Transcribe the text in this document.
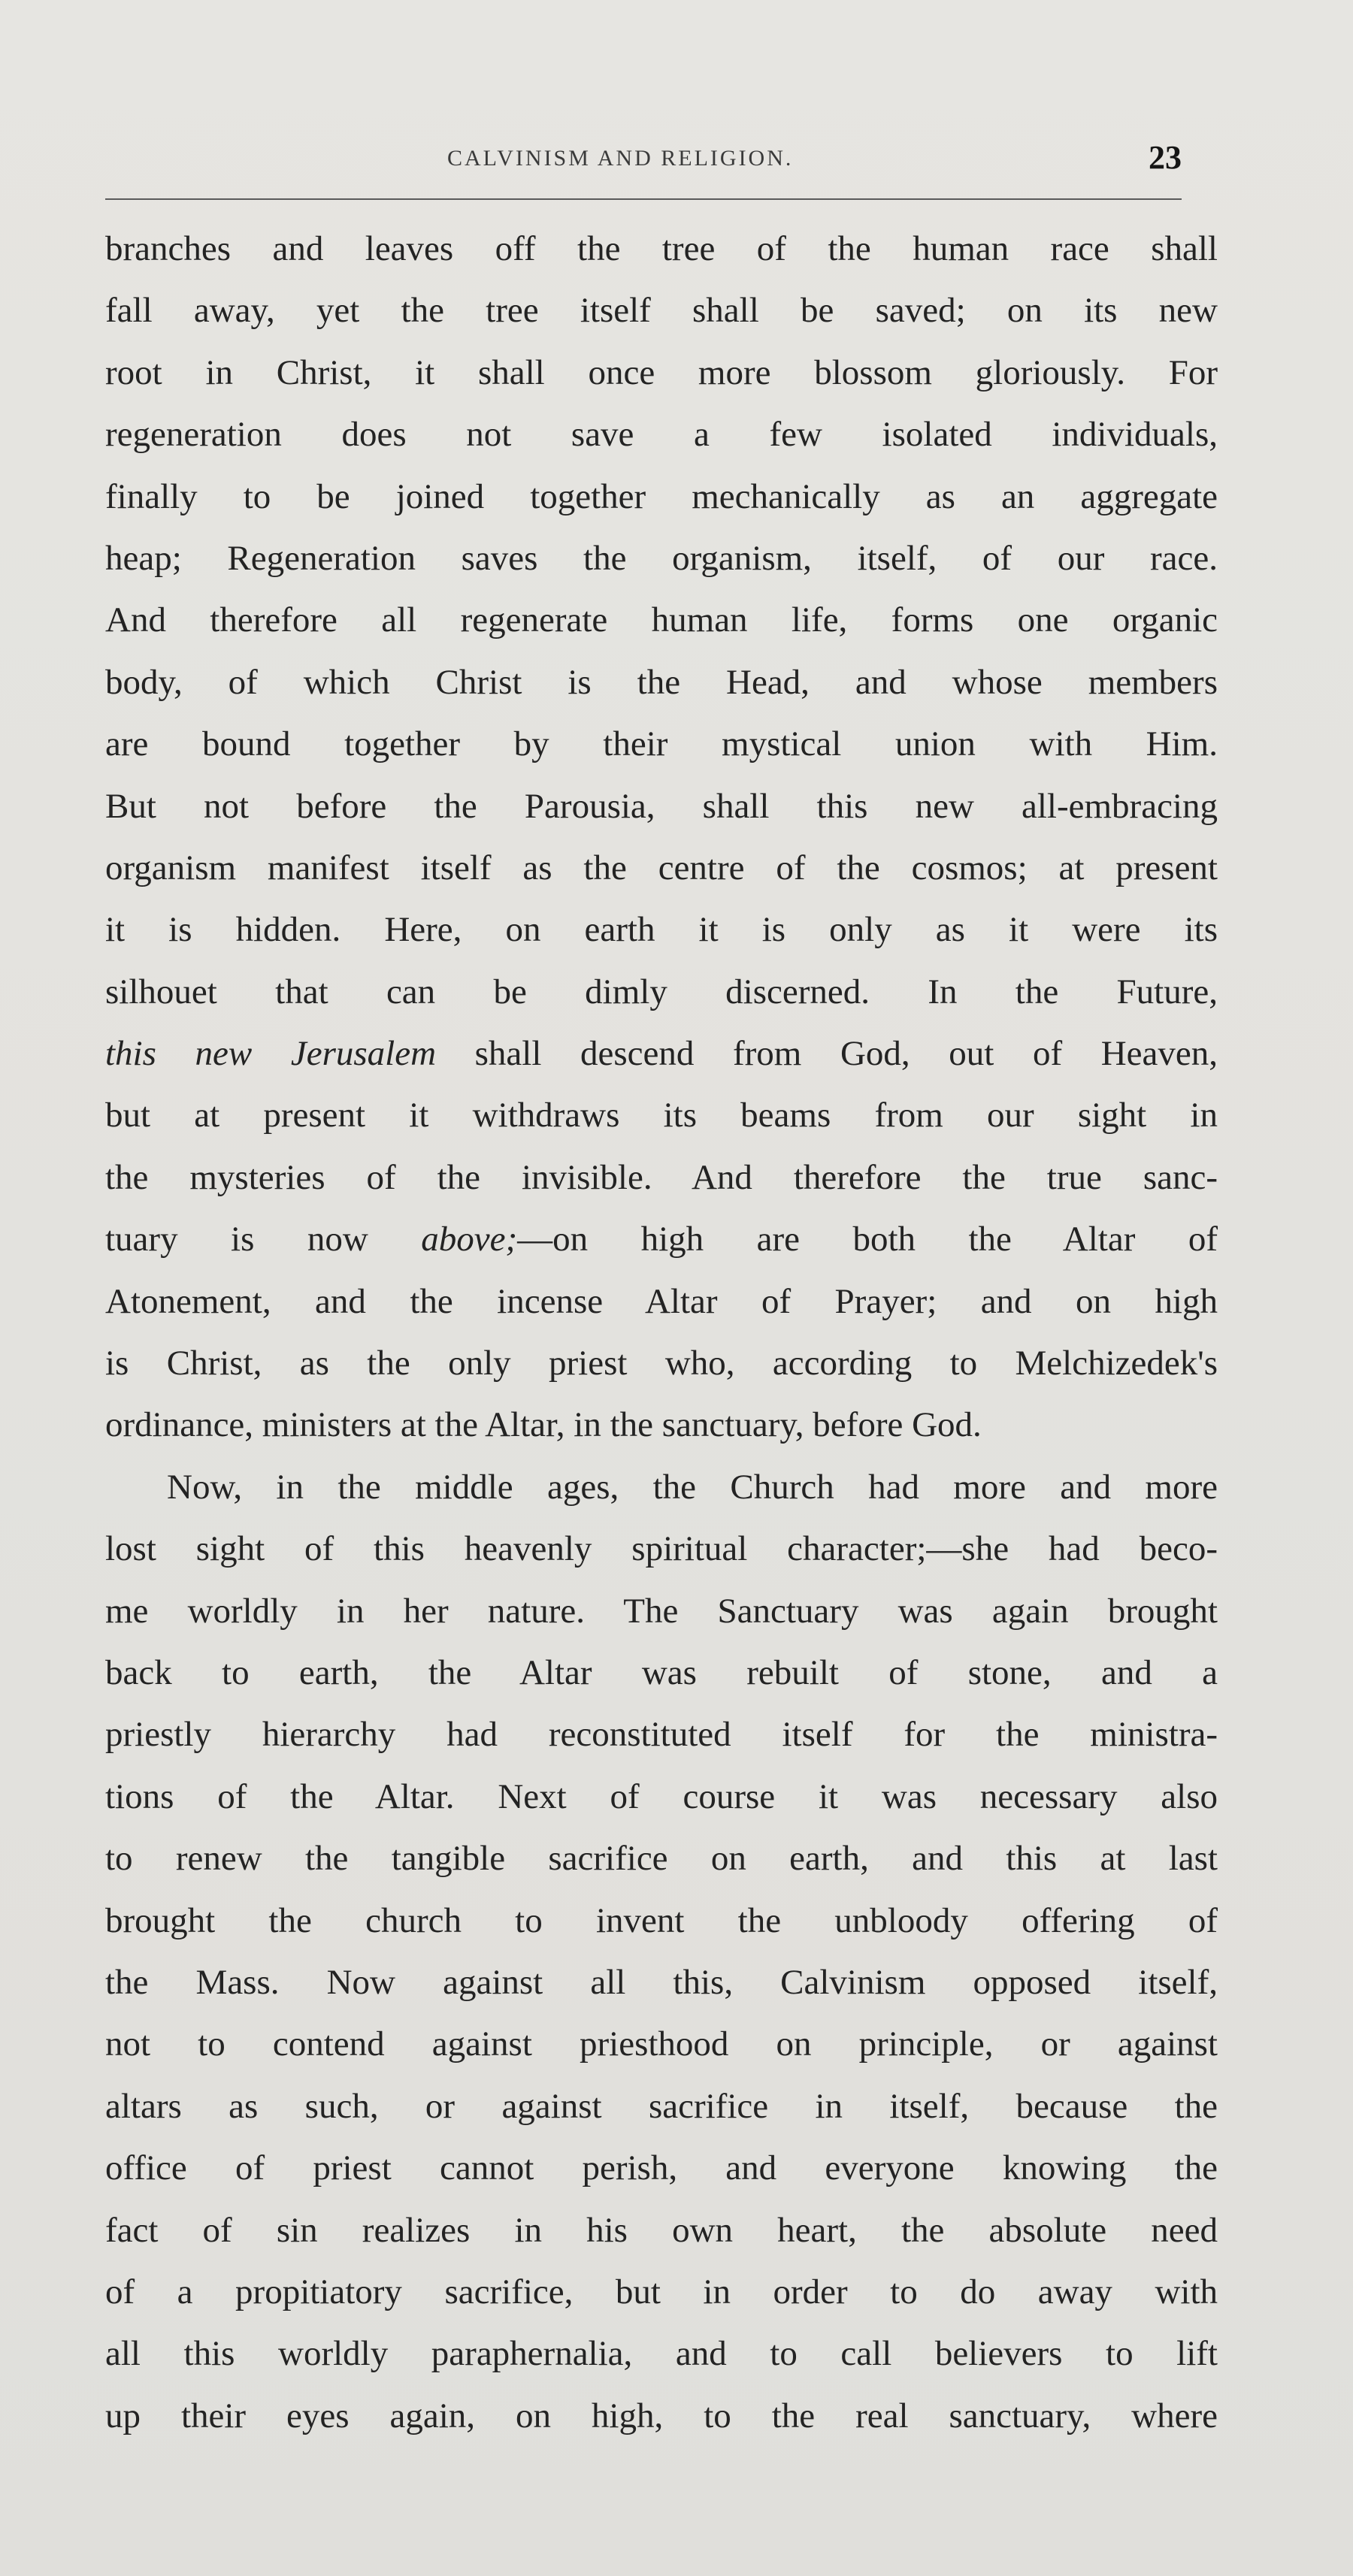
CALVINISM AND RELIGION.	23
branches and leaves off the tree of the human race shall
fall away, yet the tree itself shall be saved; on its new
root in Christ, it shall once more blossom gloriously. For
regeneration does not save a few isolated individuals,
finally to be joined together mechanically as an aggregate
heap; Regeneration saves the organism, itself, of our race.
And therefore all regenerate human life, forms one organic
body, of which Christ is the Head, and whose members
are bound together by their mystical union with Him.
But not before the Parousia, shall this new all-embracing
organism manifest itself as the centre of the cosmos; at present
it is hidden. Here, on earth it is only as it were its
silhouet that can be dimly discerned. In the Future,
this new Jerusalem shall descend from God, out of Heaven,
but at present it withdraws its beams from our sight in
the mysteries of the invisible. And therefore the true sanc-
tuary is now above;—on high are both the Altar of
Atonement, and the incense Altar of Prayer; and on high
is Christ, as the only priest who, according to Melchizedek's
ordinance, ministers at the Altar, in the sanctuary, before God.
Now, in the middle ages, the Church had more and more
lost sight of this heavenly spiritual character;—she had beco-
me worldly in her nature. The Sanctuary was again brought
back to earth, the Altar was rebuilt of stone, and a
priestly hierarchy had reconstituted itself for the ministra-
tions of the Altar. Next of course it was necessary also
to renew the tangible sacrifice on earth, and this at last
brought the church to invent the unbloody offering of
the Mass. Now against all this, Calvinism opposed itself,
not to contend against priesthood on principle, or against
altars as such, or against sacrifice in itself, because the
office of priest cannot perish, and everyone knowing the
fact of sin realizes in his own heart, the absolute need
of a propitiatory sacrifice, but in order to do away with
all this worldly paraphernalia, and to call believers to lift
up their eyes again, on high, to the real sanctuary, where
